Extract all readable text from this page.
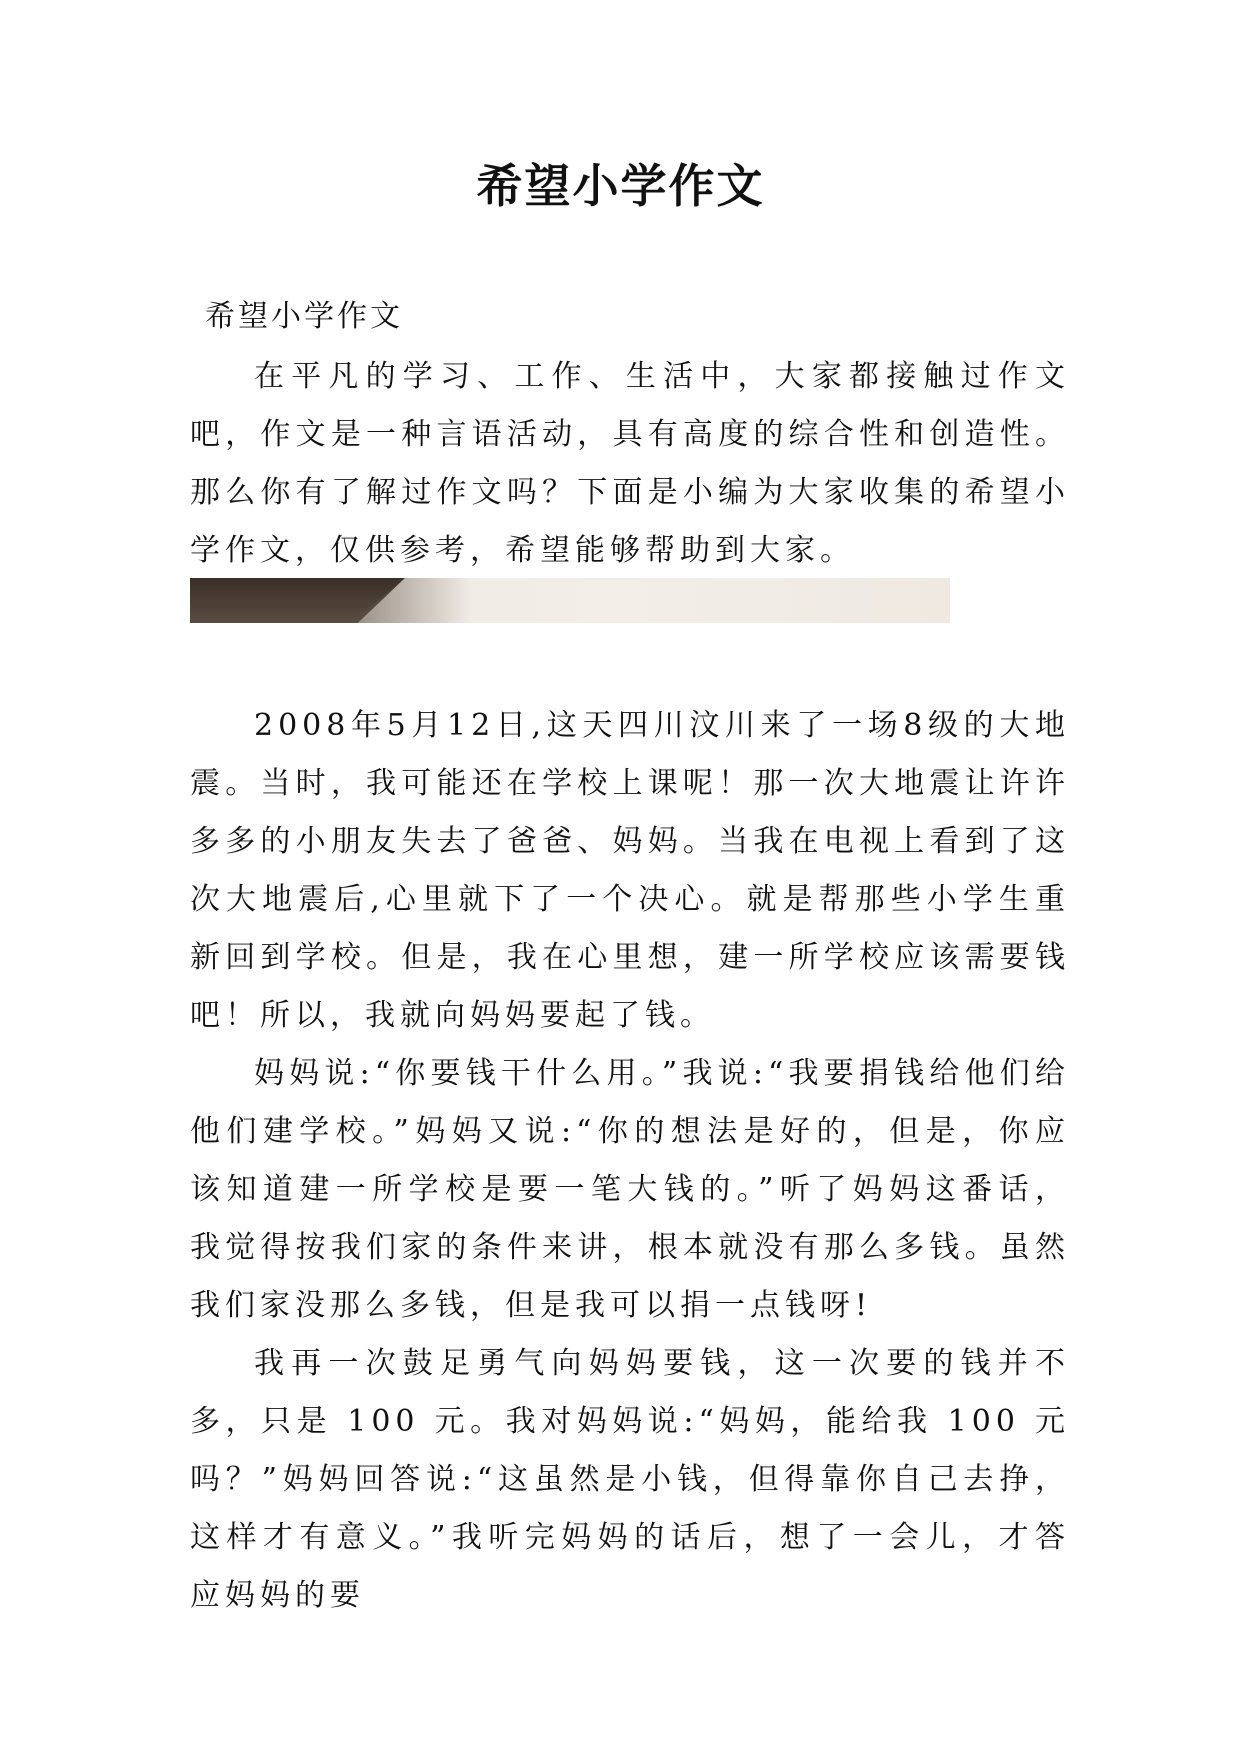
希望小学作文
希望小学作文

在平凡的学习、工作、生活中，大家都接触过作文吧，作文是一种言语活动，具有高度的综合性和创造性。那么你有了解过作文吗？下面是小编为大家收集的希望小学作文，仅供参考，希望能够帮助到大家。

2008年5月12日,这天四川汶川来了一场8级的大地震。当时，我可能还在学校上课呢！那一次大地震让许许多多的小朋友失去了爸爸、妈妈。当我在电视上看到了这次大地震后,心里就下了一个决心。就是帮那些小学生重新回到学校。但是，我在心里想，建一所学校应该需要钱吧！所以，我就向妈妈要起了钱。

妈妈说:“你要钱干什么用。”我说:“我要捐钱给他们给他们建学校。”妈妈又说:“你的想法是好的，但是，你应该知道建一所学校是要一笔大钱的。”听了妈妈这番话，我觉得按我们家的条件来讲，根本就没有那么多钱。虽然我们家没那么多钱，但是我可以捐一点钱呀!

我再一次鼓足勇气向妈妈要钱，这一次要的钱并不多，只是 100 元。我对妈妈说:“妈妈，能给我 100 元吗？”妈妈回答说:“这虽然是小钱，但得靠你自己去挣，这样才有意义。”我听完妈妈的话后，想了一会儿，才答应妈妈的要
